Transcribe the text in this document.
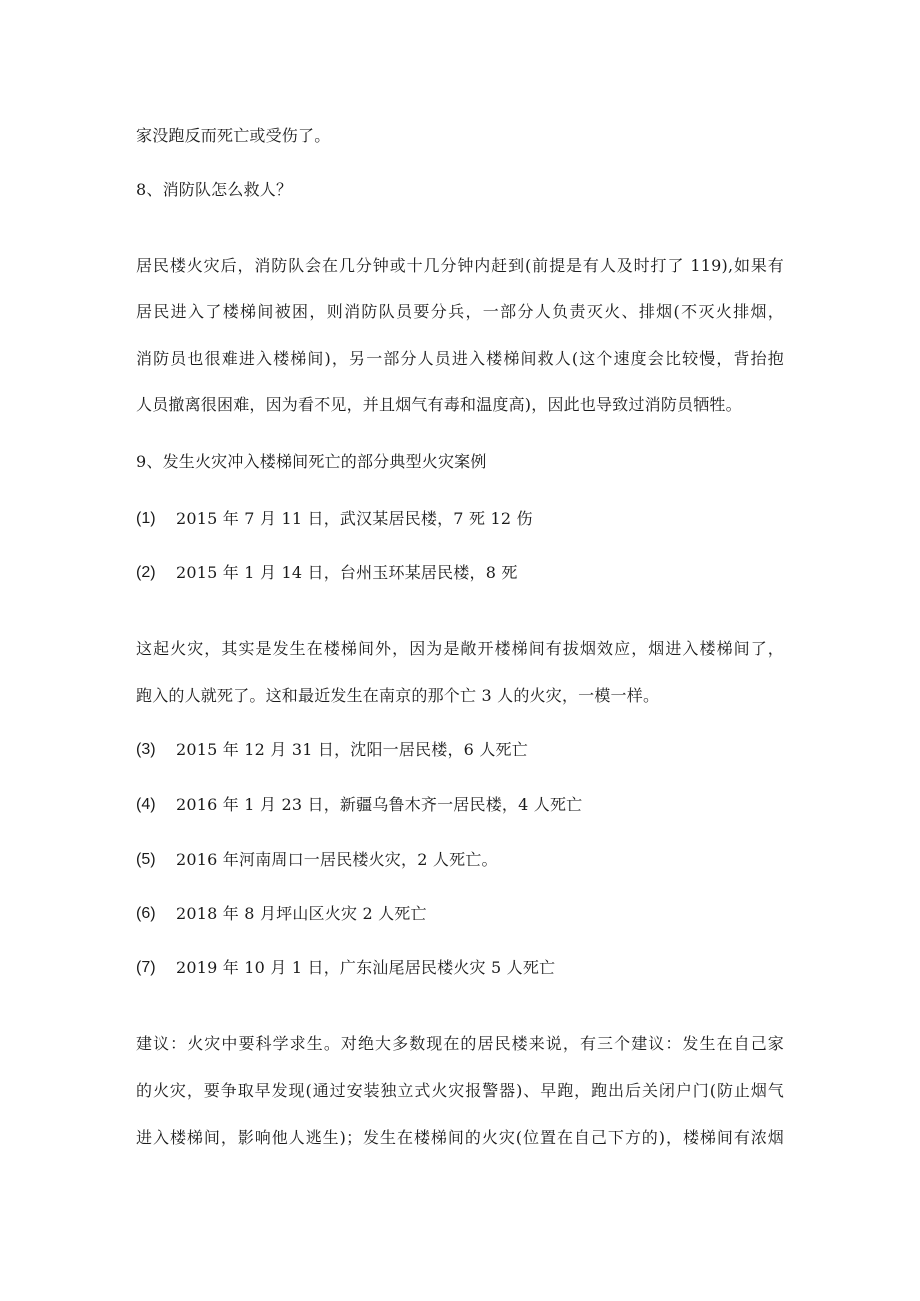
家没跑反而死亡或受伤了。
8、消防队怎么救人？
居民楼火灾后，消防队会在几分钟或十几分钟内赶到(前提是有人及时打了 119),如果有
居民进入了楼梯间被困，则消防队员要分兵，一部分人负责灭火、排烟(不灭火排烟，
消防员也很难进入楼梯间)，另一部分人员进入楼梯间救人(这个速度会比较慢，背抬抱
人员撤离很困难，因为看不见，并且烟气有毒和温度高)，因此也导致过消防员牺牲。
9、发生火灾冲入楼梯间死亡的部分典型火灾案例
(1) 2015 年 7 月 11 日，武汉某居民楼，7 死 12 伤
(2) 2015 年 1 月 14 日，台州玉环某居民楼，8 死
这起火灾，其实是发生在楼梯间外，因为是敞开楼梯间有拔烟效应，烟进入楼梯间了，
跑入的人就死了。这和最近发生在南京的那个亡 3 人的火灾，一模一样。
(3) 2015 年 12 月 31 日，沈阳一居民楼，6 人死亡
(4) 2016 年 1 月 23 日，新疆乌鲁木齐一居民楼，4 人死亡
(5) 2016 年河南周口一居民楼火灾，2 人死亡。
(6) 2018 年 8 月坪山区火灾 2 人死亡
(7) 2019 年 10 月 1 日，广东汕尾居民楼火灾 5 人死亡
建议：火灾中要科学求生。对绝大多数现在的居民楼来说，有三个建议：发生在自己家
的火灾，要争取早发现(通过安装独立式火灾报警器)、早跑，跑出后关闭户门(防止烟气
进入楼梯间，影响他人逃生)；发生在楼梯间的火灾(位置在自己下方的)，楼梯间有浓烟
